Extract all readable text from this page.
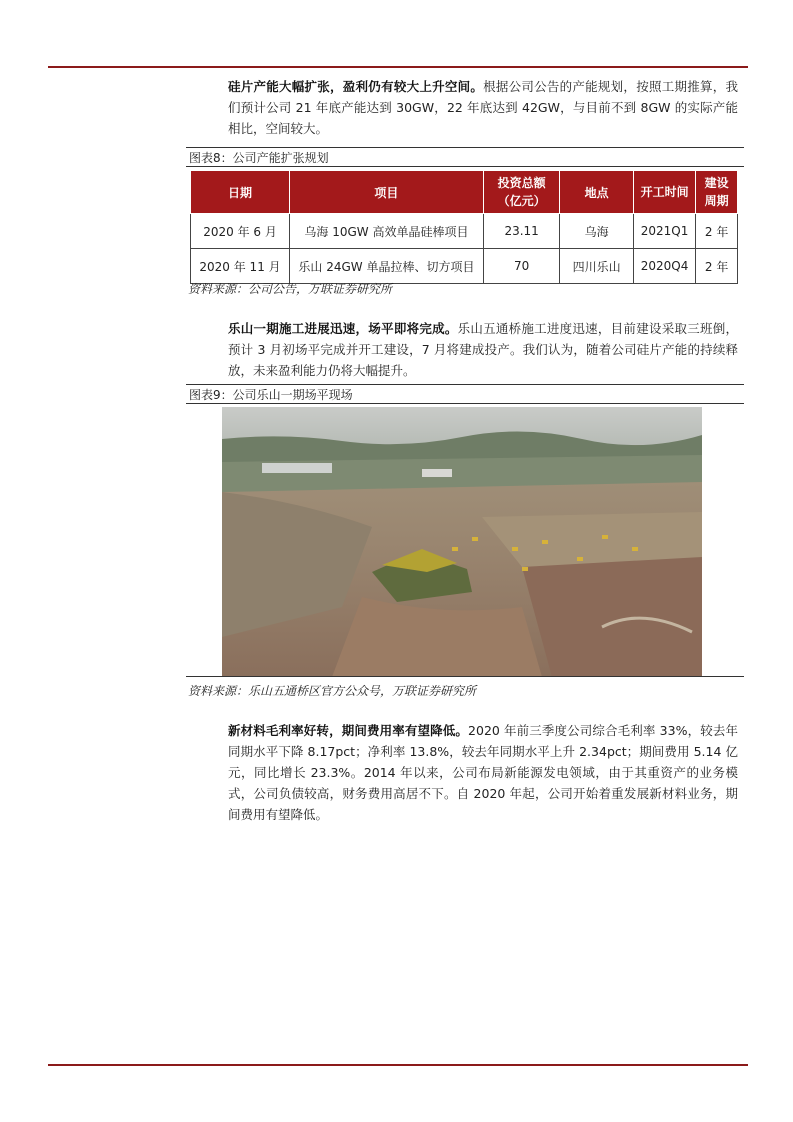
硅片产能大幅扩张，盈利仍有较大上升空间。根据公司公告的产能规划，按照工期推算，我们预计公司 21 年底产能达到 30GW，22 年底达到 42GW，与目前不到 8GW 的实际产能相比，空间较大。

图表8：公司产能扩张规划
日期	项目	投资总额（亿元）	地点	开工时间	建设周期
2020 年 6 月	乌海 10GW 高效单晶硅棒项目	23.11	乌海	2021Q1	2 年
2020 年 11 月	乐山 24GW 单晶拉棒、切方项目	70	四川乐山	2020Q4	2 年
资料来源：公司公告，万联证券研究所

乐山一期施工进展迅速，场平即将完成。乐山五通桥施工进度迅速，目前建设采取三班倒，预计 3 月初场平完成并开工建设，7 月将建成投产。我们认为，随着公司硅片产能的持续释放，未来盈利能力仍将大幅提升。

图表9：公司乐山一期场平现场
资料来源：乐山五通桥区官方公众号，万联证券研究所

新材料毛利率好转，期间费用率有望降低。2020 年前三季度公司综合毛利率 33%，较去年同期水平下降 8.17pct；净利率 13.8%，较去年同期水平上升 2.34pct；期间费用 5.14 亿元，同比增长 23.3%。2014 年以来，公司布局新能源发电领域，由于其重资产的业务模式，公司负债较高，财务费用高居不下。自 2020 年起，公司开始着重发展新材料业务，期间费用有望降低。
